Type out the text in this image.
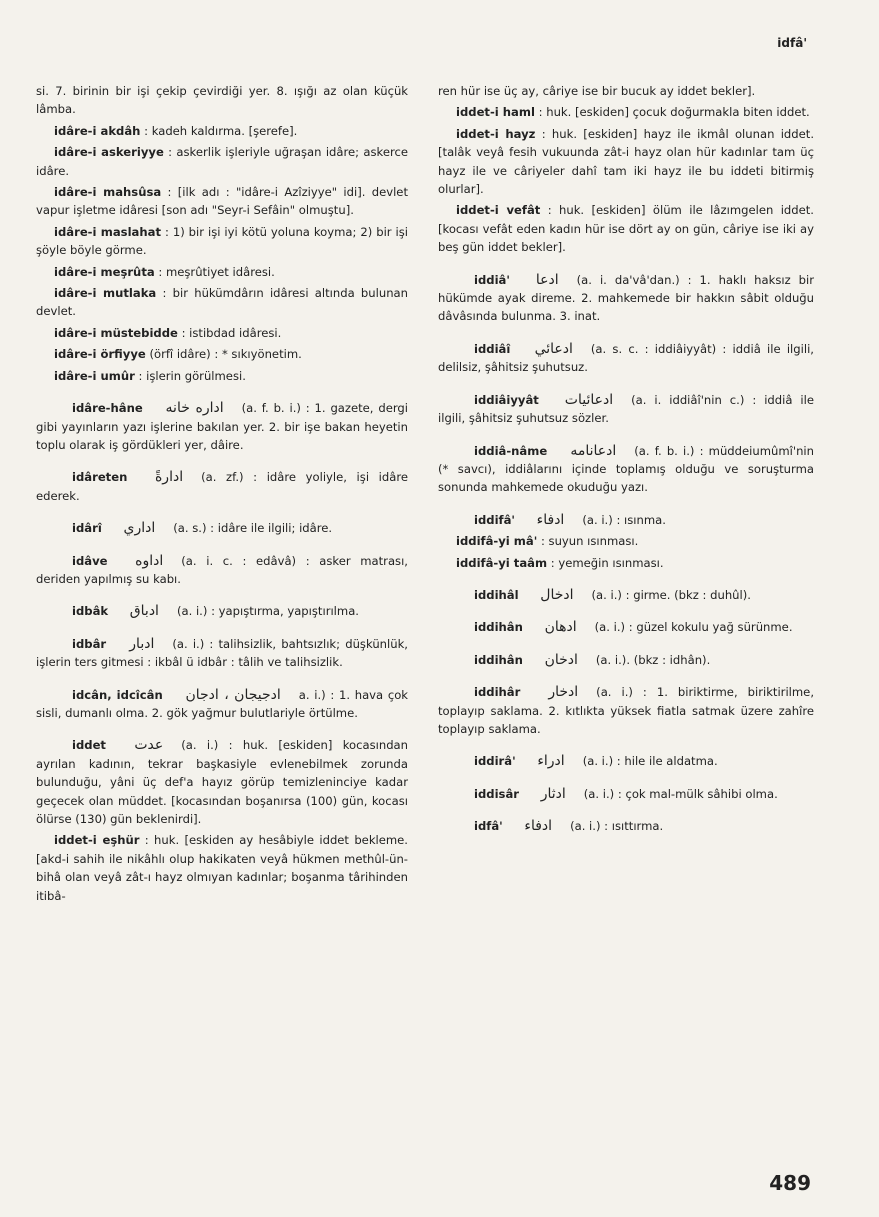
idfâ'

si. 7. birinin bir işi çekip çevirdiği yer. 8. ışığı az olan küçük lâmba.

idâre-i akdâh : kadeh kaldırma. [şerefe].

idâre-i askeriyye : askerlik işleriyle uğraşan idâre; askerce idâre.

idâre-i mahsûsa : [ilk adı : "idâre-i Azîziyye" idi]. devlet vapur işletme idâresi [son adı "Seyr-i Sefâin" olmuştu].

idâre-i maslahat : 1) bir işi iyi kötü yoluna koyma; 2) bir işi şöyle böyle görme.

idâre-i meşrûta : meşrûtiyet idâresi.

idâre-i mutlaka : bir hükümdârın idâresi altında bulunan devlet.

idâre-i müstebidde : istibdad idâresi.

idâre-i örfiyye (örfî idâre) : * sıkıyönetim.

idâre-i umûr : işlerin görülmesi.

idâre-hâne اداره خانه (a. f. b. i.) : 1. gazete, dergi gibi yayınların yazı işlerine bakılan yer. 2. bir işe bakan heyetin toplu olarak iş gördükleri yer, dâire.

idâreten ادارةً (a. zf.) : idâre yoliyle, işi idâre ederek.

idârî اداري (a. s.) : idâre ile ilgili; idâre.

idâve اداوه (a. i. c. : edâvâ) : asker matrası, deriden yapılmış su kabı.

idbâk ادباق (a. i.) : yapıştırma, yapıştırılma.

idbâr ادبار (a. i.) : talihsizlik, bahtsızlık; düşkünlük, işlerin ters gitmesi : ikbâl ü idbâr : tâlih ve talihsizlik.

idcân, idcîcân ادجيجان ، ادجان a. i.) : 1. hava çok sisli, dumanlı olma. 2. gök yağmur bulutlariyle örtülme.

iddet عدت (a. i.) : huk. [eskiden] kocasından ayrılan kadının, tekrar başkasiyle evlenebilmek zorunda bulunduğu, yâni üç def'a hayız görüp temizleninciye kadar geçecek olan müddet. [kocasından boşanırsa (100) gün, kocası ölürse (130) gün beklenirdi].

iddet-i eşhür : huk. [eskiden ay hesâbiyle iddet bekleme. [akd-i sahih ile nikâhlı olup hakikaten veyâ hükmen methûl-ün-bihâ olan veyâ zât-ı hayz olmıyan kadınlar; boşanma târihinden itibâ-

ren hür ise üç ay, câriye ise bir bucuk ay iddet bekler].

iddet-i haml : huk. [eskiden] çocuk doğurmakla biten iddet.

iddet-i hayz : huk. [eskiden] hayz ile ikmâl olunan iddet. [talâk veyâ fesih vukuunda zât-i hayz olan hür kadınlar tam üç hayz ile ve câriyeler dahî tam iki hayz ile bu iddeti bitirmiş olurlar].

iddet-i vefât : huk. [eskiden] ölüm ile lâzımgelen iddet. [kocası vefât eden kadın hür ise dört ay on gün, câriye ise iki ay beş gün iddet bekler].

iddiâ' ادعا (a. i. da'vâ'dan.) : 1. haklı haksız bir hükümde ayak direme. 2. mahkemede bir hakkın sâbit olduğu dâvâsında bulunma. 3. inat.

iddiâî ادعائي (a. s. c. : iddiâiyyât) : iddiâ ile ilgili, delilsiz, şâhitsiz şuhutsuz.

iddiâiyyât ادعائيات (a. i. iddiâî'nin c.) : iddiâ ile ilgili, şâhitsiz şuhutsuz sözler.

iddiâ-nâme ادعانامه (a. f. b. i.) : müddeiumûmî'nin (* savcı), iddiâlarını içinde toplamış olduğu ve soruşturma sonunda mahkemede okuduğu yazı.

iddifâ' ادفاء (a. i.) : ısınma.

iddifâ-yi mâ' : suyun ısınması.

iddifâ-yi taâm : yemeğin ısınması.

iddihâl ادخال (a. i.) : girme. (bkz : duhûl).

iddihân ادهان (a. i.) : güzel kokulu yağ sürünme.

iddihân ادخان (a. i.). (bkz : idhân).

iddihâr ادخار (a. i.) : 1. biriktirme, biriktirilme, toplayıp saklama. 2. kıtlıkta yüksek fiatla satmak üzere zahîre toplayıp saklama.

iddirâ' ادراء (a. i.) : hile ile aldatma.

iddisâr ادثار (a. i.) : çok mal-mülk sâhibi olma.

idfâ' ادفاء (a. i.) : ısıttırma.

489
